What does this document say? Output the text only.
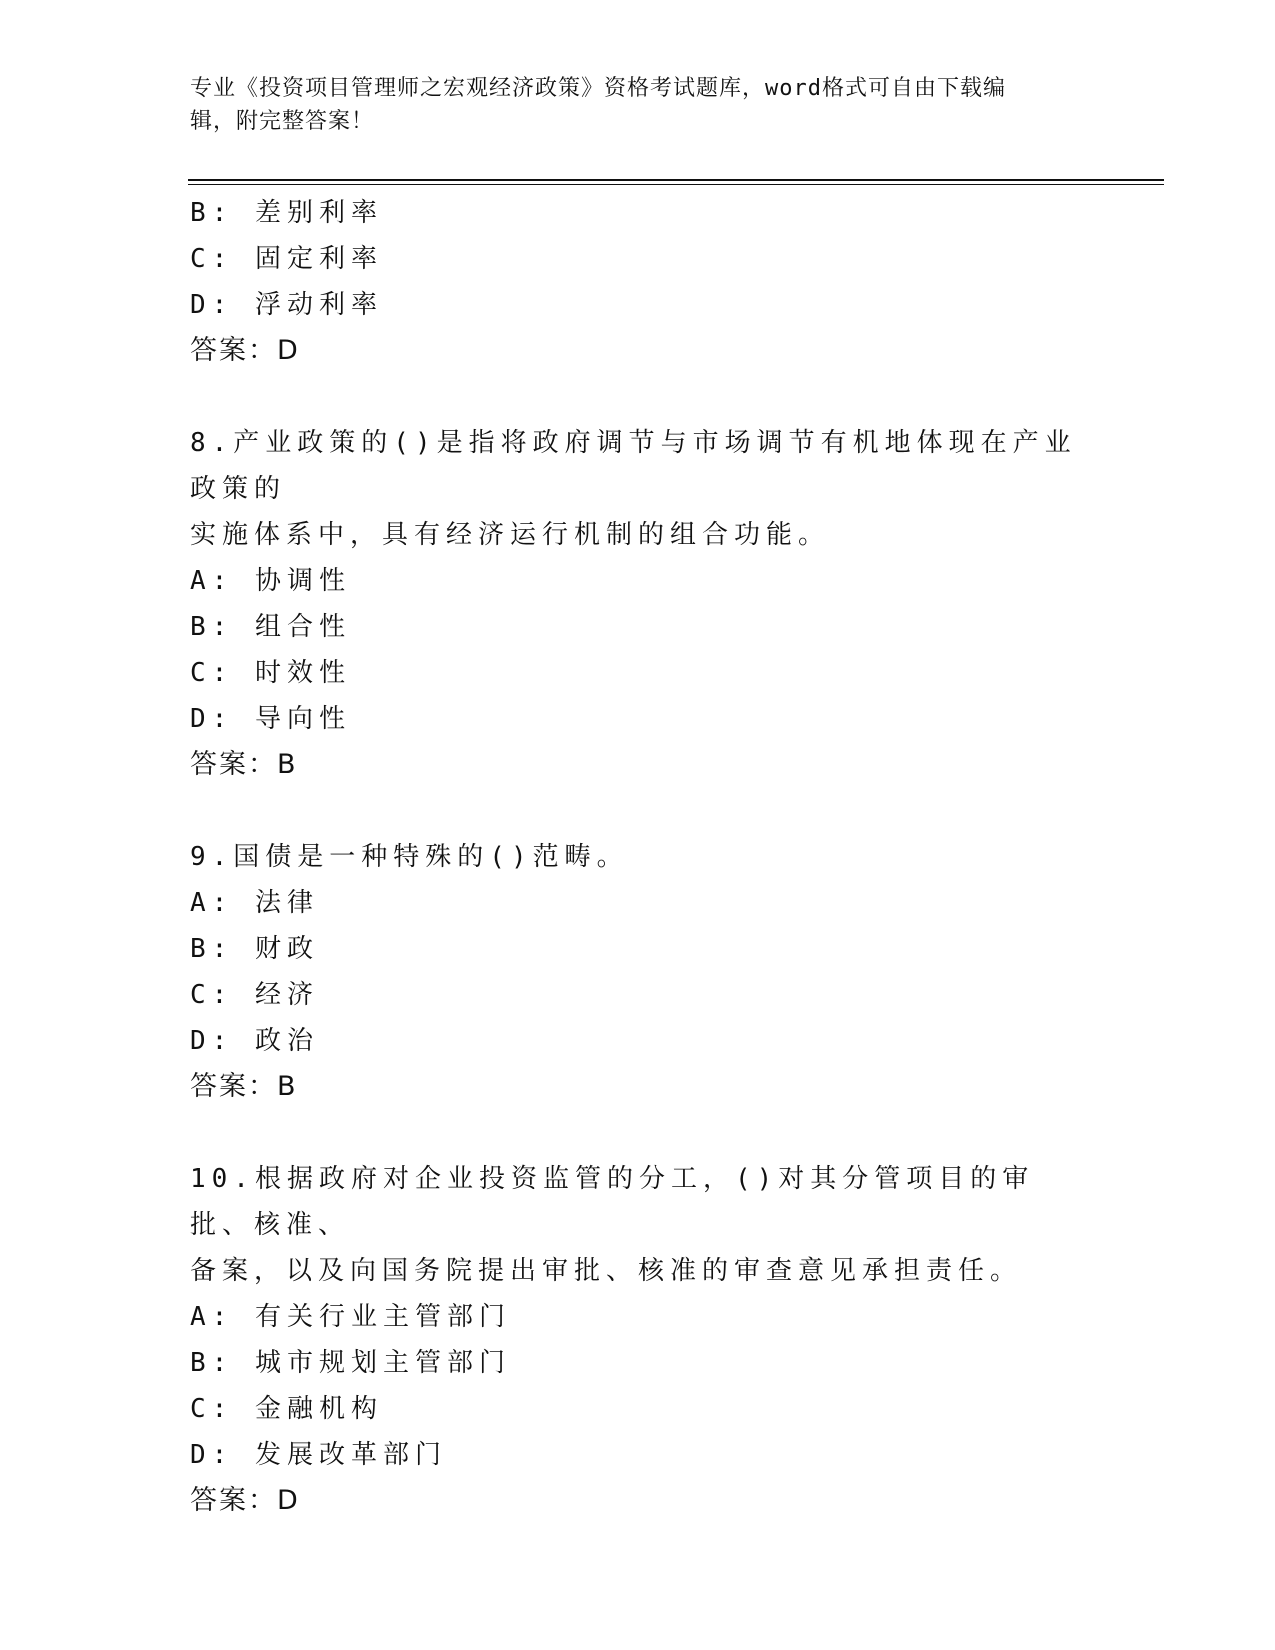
专业《投资项目管理师之宏观经济政策》资格考试题库，word格式可自由下载编
辑，附完整答案！
B: 差别利率
C: 固定利率
D: 浮动利率
答案：D
8.产业政策的()是指将政府调节与市场调节有机地体现在产业政策的
实施体系中，具有经济运行机制的组合功能。
A: 协调性
B: 组合性
C: 时效性
D: 导向性
答案：B
9.国债是一种特殊的()范畴。
A: 法律
B: 财政
C: 经济
D: 政治
答案：B
10.根据政府对企业投资监管的分工，()对其分管项目的审批、核准、
备案，以及向国务院提出审批、核准的审查意见承担责任。
A: 有关行业主管部门
B: 城市规划主管部门
C: 金融机构
D: 发展改革部门
答案：D
